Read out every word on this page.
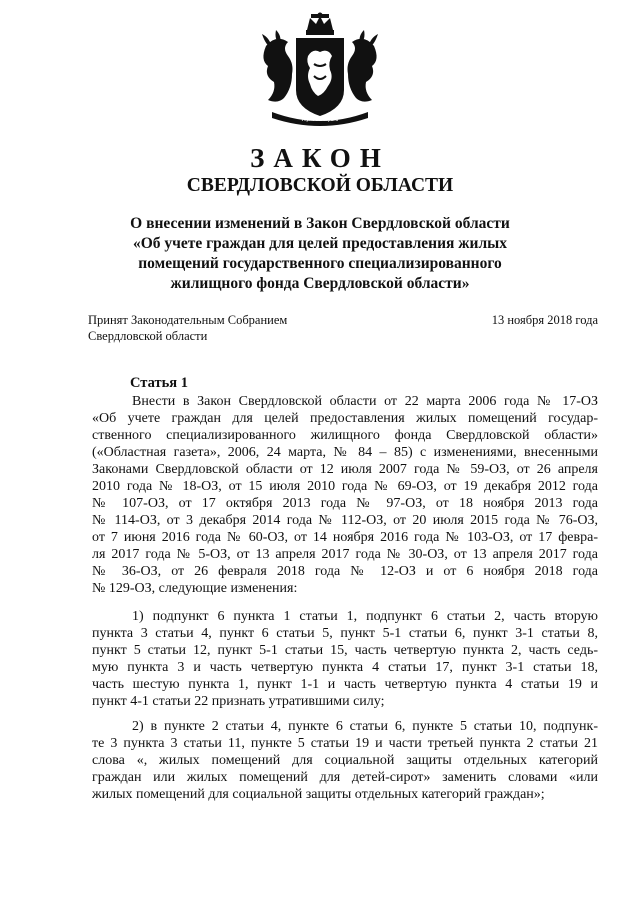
Горнъ и Фабрики
ЗАКОН
СВЕРДЛОВСКОЙ ОБЛАСТИ
О внесении изменений в Закон Свердловской области
«Об учете граждан для целей предоставления жилых
помещений государственного специализированного
жилищного фонда Свердловской области»
Принят Законодательным Собранием
Свердловской области
13 ноября 2018 года
Статья 1
Внести в Закон Свердловской области от 22 марта 2006 года № 17-ОЗ
«Об учете граждан для целей предоставления жилых помещений государ-
ственного специализированного жилищного фонда Свердловской области»
(«Областная газета», 2006, 24 марта, № 84 – 85) с изменениями, внесенными
Законами Свердловской области от 12 июля 2007 года № 59-ОЗ, от 26 апреля
2010 года № 18-ОЗ, от 15 июля 2010 года № 69-ОЗ, от 19 декабря 2012 года
№ 107-ОЗ, от 17 октября 2013 года № 97-ОЗ, от 18 ноября 2013 года
№ 114-ОЗ, от 3 декабря 2014 года № 112-ОЗ, от 20 июля 2015 года № 76-ОЗ,
от 7 июня 2016 года № 60-ОЗ, от 14 ноября 2016 года № 103-ОЗ, от 17 февра-
ля 2017 года № 5-ОЗ, от 13 апреля 2017 года № 30-ОЗ, от 13 апреля 2017 года
№ 36-ОЗ, от 26 февраля 2018 года № 12-ОЗ и от 6 ноября 2018 года
№ 129-ОЗ, следующие изменения:
1) подпункт 6 пункта 1 статьи 1, подпункт 6 статьи 2, часть вторую
пункта 3 статьи 4, пункт 6 статьи 5, пункт 5-1 статьи 6, пункт 3-1 статьи 8,
пункт 5 статьи 12, пункт 5-1 статьи 15, часть четвертую пункта 2, часть седь-
мую пункта 3 и часть четвертую пункта 4 статьи 17, пункт 3-1 статьи 18,
часть шестую пункта 1, пункт 1-1 и часть четвертую пункта 4 статьи 19 и
пункт 4-1 статьи 22 признать утратившими силу;
2) в пункте 2 статьи 4, пункте 6 статьи 6, пункте 5 статьи 10, подпунк-
те 3 пункта 3 статьи 11, пункте 5 статьи 19 и части третьей пункта 2 статьи 21
слова «, жилых помещений для социальной защиты отдельных категорий
граждан или жилых помещений для детей-сирот» заменить словами «или
жилых помещений для социальной защиты отдельных категорий граждан»;
